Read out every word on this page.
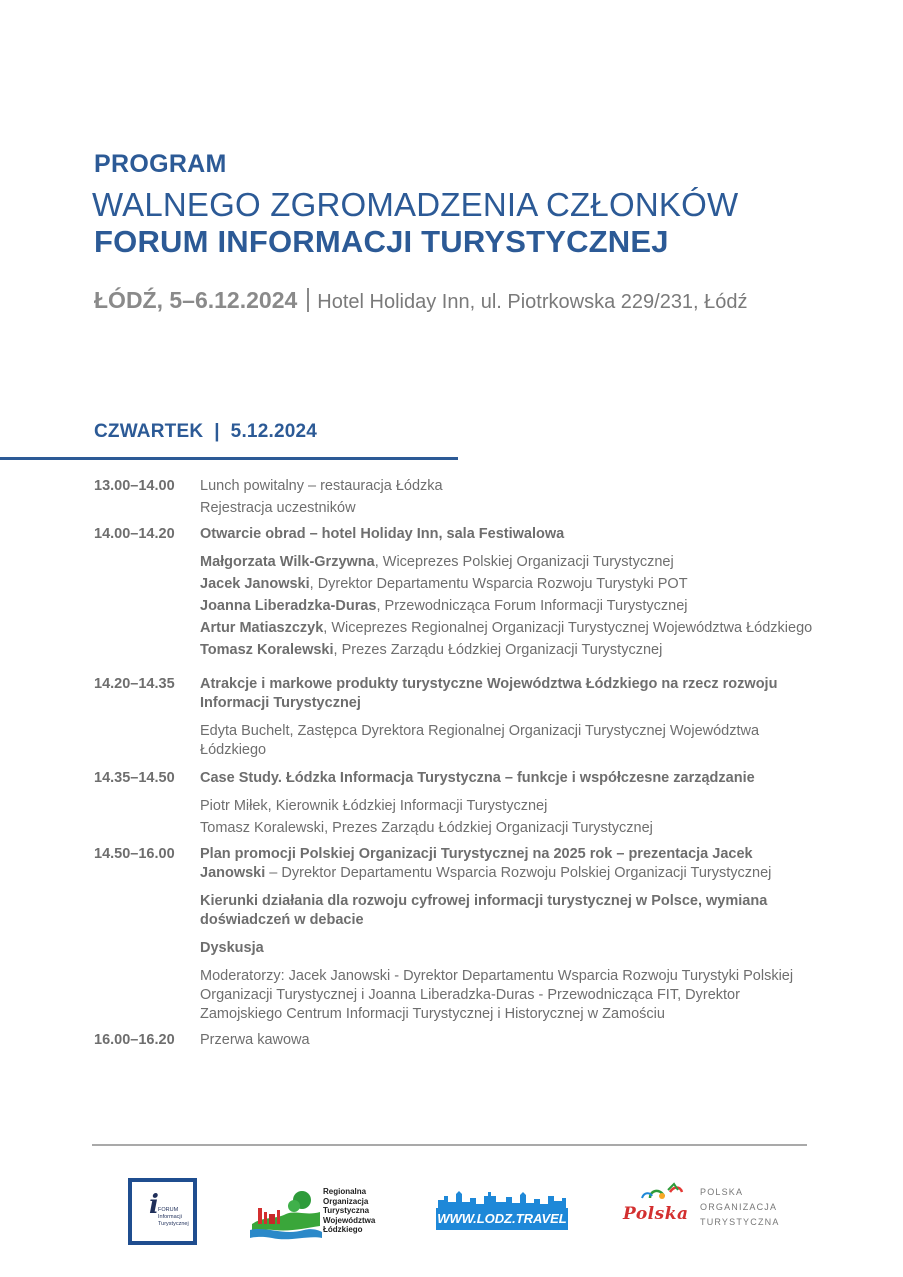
PROGRAM
WALNEGO ZGROMADZENIA CZŁONKÓW
FORUM INFORMACJI TURYSTYCZNEJ
ŁÓDŹ, 5–6.12.2024 Hotel Holiday Inn, ul. Piotrkowska 229/231, Łódź
CZWARTEK  |  5.12.2024
13.00–14.00	Lunch powitalny – restauracja Łódzka
Rejestracja uczestników
14.00–14.20	Otwarcie obrad – hotel Holiday Inn, sala Festiwalowa
Małgorzata Wilk-Grzywna, Wiceprezes Polskiej Organizacji Turystycznej
Jacek Janowski, Dyrektor Departamentu Wsparcia Rozwoju Turystyki POT
Joanna Liberadzka-Duras, Przewodnicząca Forum Informacji Turystycznej
Artur Matiaszczyk, Wiceprezes Regionalnej Organizacji Turystycznej Województwa Łódzkiego
Tomasz Koralewski, Prezes Zarządu Łódzkiej Organizacji Turystycznej
14.20–14.35	Atrakcje i markowe produkty turystyczne Województwa Łódzkiego na rzecz rozwoju Informacji Turystycznej
Edyta Buchelt, Zastępca Dyrektora Regionalnej Organizacji Turystycznej Województwa Łódzkiego
14.35–14.50	Case Study. Łódzka Informacja Turystyczna – funkcje i współczesne zarządzanie
Piotr Miłek, Kierownik Łódzkiej Informacji Turystycznej
Tomasz Koralewski, Prezes Zarządu Łódzkiej Organizacji Turystycznej
14.50–16.00	Plan promocji Polskiej Organizacji Turystycznej na 2025 rok – prezentacja Jacek Janowski – Dyrektor Departamentu Wsparcia Rozwoju Polskiej Organizacji Turystycznej
Kierunki działania dla rozwoju cyfrowej informacji turystycznej w Polsce, wymiana doświadczeń w debacie
Dyskusja
Moderatorzy: Jacek Janowski - Dyrektor Departamentu Wsparcia Rozwoju Turystyki Polskiej Organizacji Turystycznej i Joanna Liberadzka-Duras - Przewodnicząca FIT, Dyrektor Zamojskiego Centrum Informacji Turystycznej i Historycznej w Zamościu
16.00–16.20	Przerwa kawowa
i FORUM Informacji Turystycznej
Regionalna Organizacja Turystyczna Województwa Łódzkiego
WWW.LODZ.TRAVEL	Polska
POLSKA ORGANIZACJA TURYSTYCZNA
